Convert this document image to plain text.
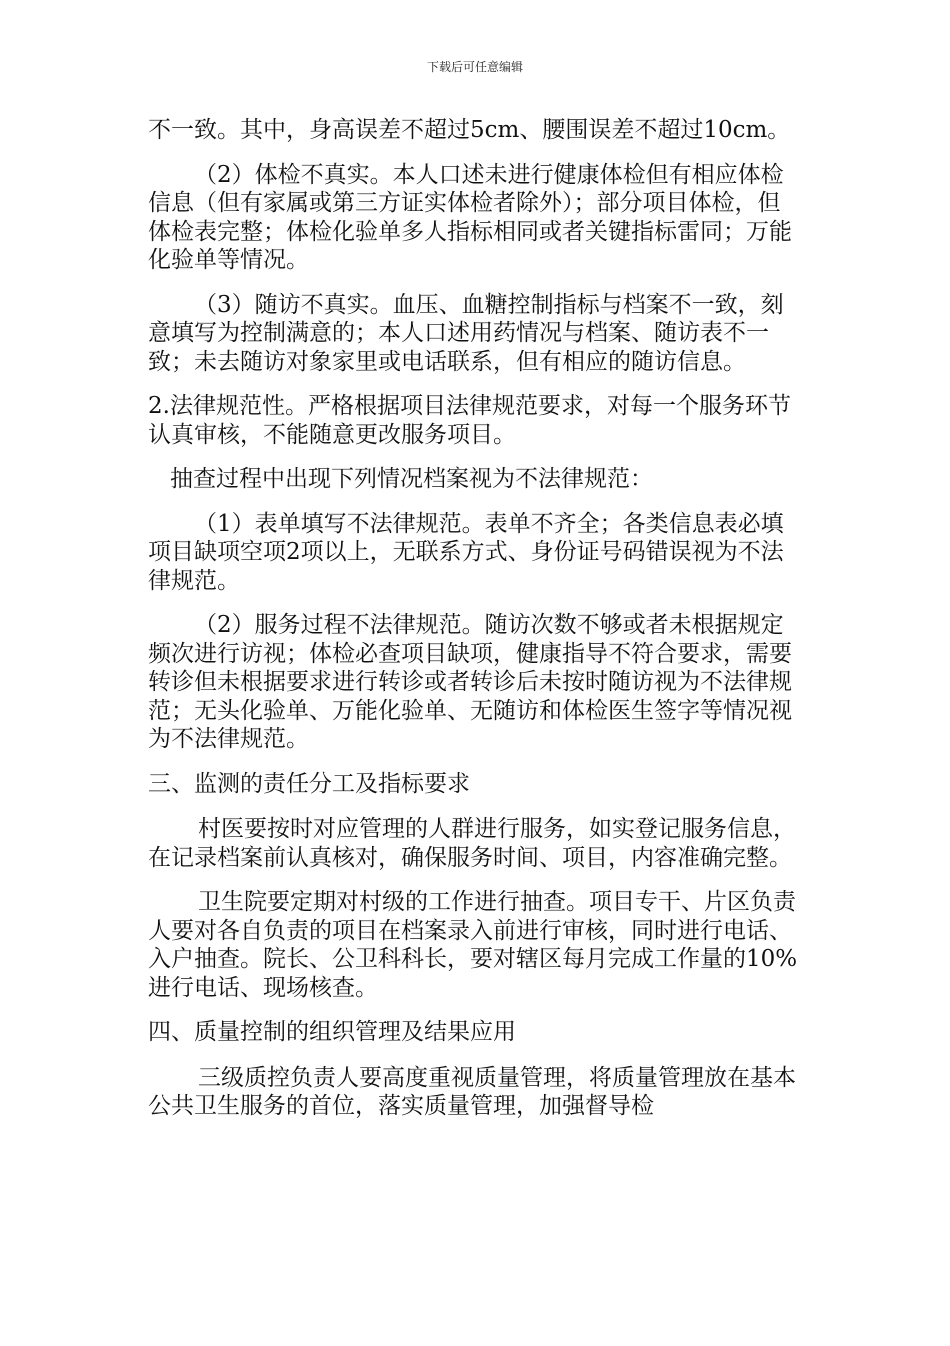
下载后可任意编辑

不一致。其中，身高误差不超过5cm、腰围误差不超过10cm。

（2）体检不真实。本人口述未进行健康体检但有相应体检信息（但有家属或第三方证实体检者除外）；部分项目体检，但体检表完整；体检化验单多人指标相同或者关键指标雷同；万能化验单等情况。

（3）随访不真实。血压、血糖控制指标与档案不一致，刻意填写为控制满意的；本人口述用药情况与档案、随访表不一致；未去随访对象家里或电话联系，但有相应的随访信息。

2.法律规范性。严格根据项目法律规范要求，对每一个服务环节认真审核，不能随意更改服务项目。

抽查过程中出现下列情况档案视为不法律规范：

（1）表单填写不法律规范。表单不齐全；各类信息表必填项目缺项空项2项以上，无联系方式、身份证号码错误视为不法律规范。

（2）服务过程不法律规范。随访次数不够或者未根据规定频次进行访视；体检必查项目缺项，健康指导不符合要求，需要转诊但未根据要求进行转诊或者转诊后未按时随访视为不法律规范；无头化验单、万能化验单、无随访和体检医生签字等情况视为不法律规范。

三、监测的责任分工及指标要求

村医要按时对应管理的人群进行服务，如实登记服务信息，在记录档案前认真核对，确保服务时间、项目，内容准确完整。

卫生院要定期对村级的工作进行抽查。项目专干、片区负责人要对各自负责的项目在档案录入前进行审核，同时进行电话、入户抽查。院长、公卫科科长，要对辖区每月完成工作量的10%进行电话、现场核查。

四、质量控制的组织管理及结果应用

三级质控负责人要高度重视质量管理，将质量管理放在基本公共卫生服务的首位，落实质量管理，加强督导检
